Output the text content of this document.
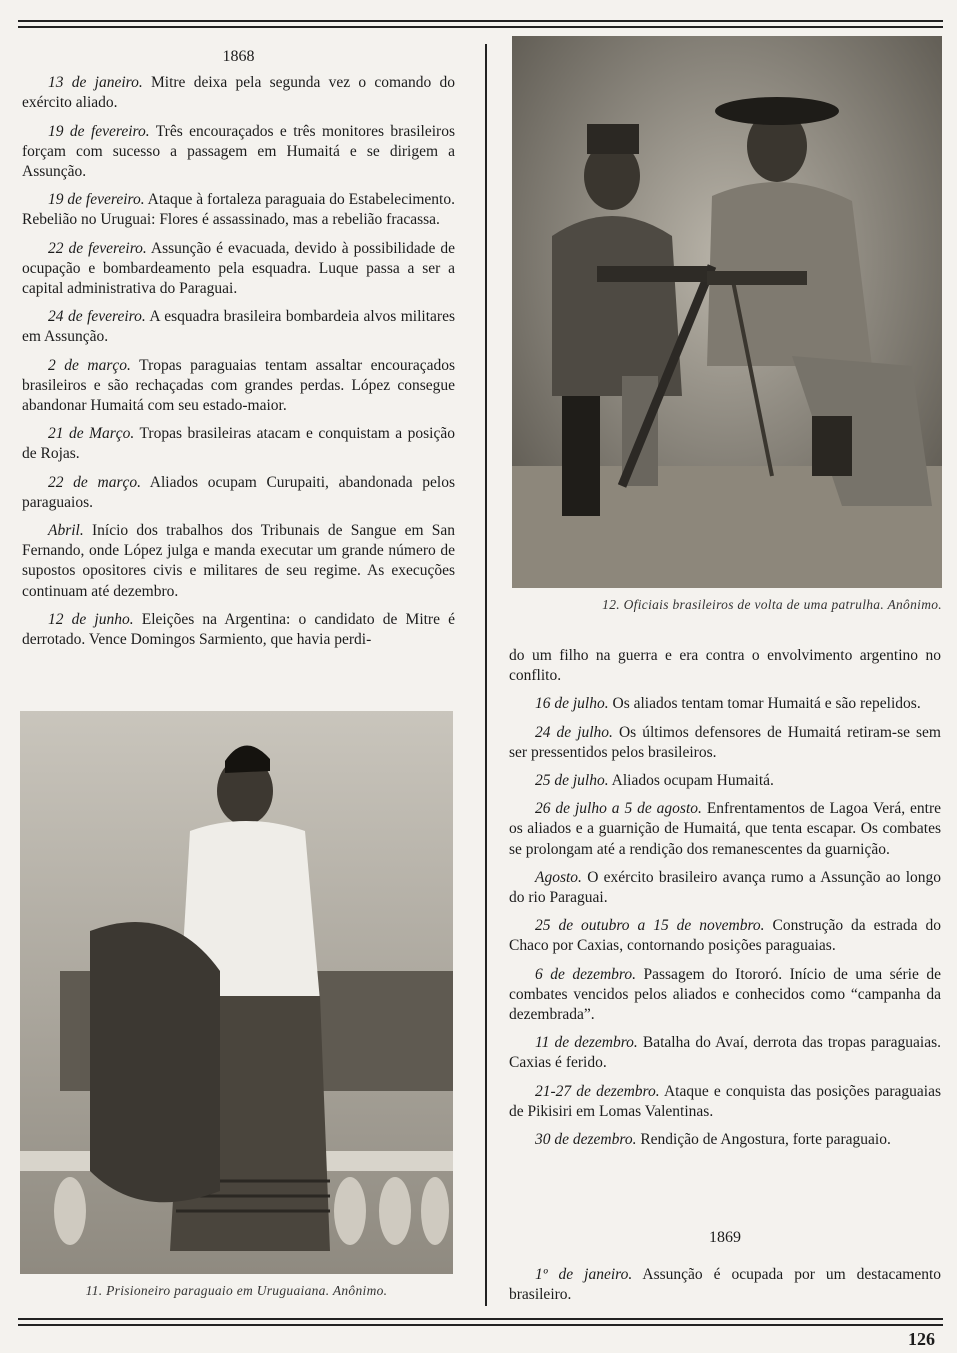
1868

13 de janeiro. Mitre deixa pela segunda vez o comando do exército aliado.

19 de fevereiro. Três encouraçados e três monitores brasileiros forçam com sucesso a passagem em Humaitá e se dirigem a Assunção.

19 de fevereiro. Ataque à fortaleza paraguaia do Estabelecimento. Rebelião no Uruguai: Flores é assassinado, mas a rebelião fracassa.

22 de fevereiro. Assunção é evacuada, devido à possibilidade de ocupação e bombardeamento pela esquadra. Luque passa a ser a capital administrativa do Paraguai.

24 de fevereiro. A esquadra brasileira bombardeia alvos militares em Assunção.

2 de março. Tropas paraguaias tentam assaltar encouraçados brasileiros e são rechaçadas com grandes perdas. López consegue abandonar Humaitá com seu estado-maior.

21 de Março. Tropas brasileiras atacam e conquistam a posição de Rojas.

22 de março. Aliados ocupam Curupaiti, abandonada pelos paraguaios.

Abril. Início dos trabalhos dos Tribunais de Sangue em San Fernando, onde López julga e manda executar um grande número de supostos opositores civis e militares de seu regime. As execuções continuam até dezembro.

12 de junho. Eleições na Argentina: o candidato de Mitre é derrotado. Vence Domingos Sarmiento, que havia perdi-

12. Oficiais brasileiros de volta de uma patrulha. Anônimo.

do um filho na guerra e era contra o envolvimento argentino no conflito.

16 de julho. Os aliados tentam tomar Humaitá e são repelidos.

24 de julho. Os últimos defensores de Humaitá retiram-se sem ser pressentidos pelos brasileiros.

25 de julho. Aliados ocupam Humaitá.

26 de julho a 5 de agosto. Enfrentamentos de Lagoa Verá, entre os aliados e a guarnição de Humaitá, que tenta escapar. Os combates se prolongam até a rendição dos remanescentes da guarnição.

Agosto. O exército brasileiro avança rumo a Assunção ao longo do rio Paraguai.

25 de outubro a 15 de novembro. Construção da estrada do Chaco por Caxias, contornando posições paraguaias.

6 de dezembro. Passagem do Itororó. Início de uma série de combates vencidos pelos aliados e conhecidos como “campanha da dezembrada”.

11 de dezembro. Batalha do Avaí, derrota das tropas paraguaias. Caxias é ferido.

21-27 de dezembro. Ataque e conquista das posições paraguaias de Pikisiri em Lomas Valentinas.

30 de dezembro. Rendição de Angostura, forte paraguaio.

1869

1º de janeiro. Assunção é ocupada por um destacamento brasileiro.

11. Prisioneiro paraguaio em Uruguaiana. Anônimo.
126
